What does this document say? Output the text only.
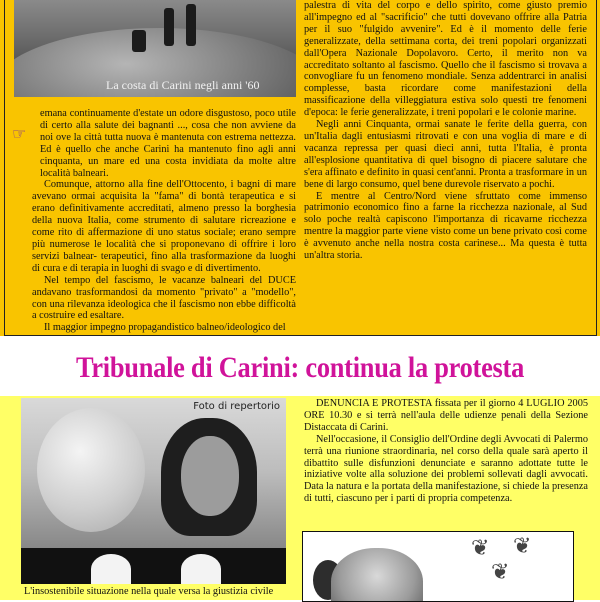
La costa di Carini negli anni '60
☞

emana continuamente d'estate un odore disgustoso, poco utile di certo alla salute dei bagnanti ..., cosa che non avviene da noi ove la città tutta nuova è mantenuta con estrema nettezza. Ed è quello che anche Carini ha mantenuto fino agli anni cinquanta, un mare ed una costa invidiata da molte altre località balneari.

Comunque, attorno alla fine dell'Ottocento, i bagni di mare avevano ormai acquisita la "fama" di bontà terapeutica e si erano definitivamente accreditati, almeno presso la borghesia della nuova Italia, come strumento di salutare ricreazione e come rito di affermazione di uno status sociale; erano sempre più numerose le località che si proponevano di offrire i loro servizi balnear- terapeutici, fino alla trasformazione da luoghi di cura e di terapia in luoghi di svago e di divertimento.

Nel tempo del fascismo, le vacanze balneari del DUCE andavano trasformandosi da momento "privato" a "modello", con una rilevanza ideologica che il fascismo non ebbe difficoltà a costruire ed esaltare.

Il maggior impegno propagandistico balneo/ideologico del

palestra di vita del corpo e dello spirito, come giusto premio all'impegno ed al "sacrificio" che tutti dovevano offrire alla Patria per il suo "fulgido avvenire". Ed è il momento delle ferie generalizzate, della settimana corta, dei treni popolari organizzati dall'Opera Nazionale Dopolavoro. Certo, il merito non va accreditato soltanto al fascismo. Quello che il fascismo si trovava a convogliare fu un fenomeno mondiale. Senza addentrarci in analisi complesse, basta ricordare come manifestazioni della massificazione della villeggiatura estiva solo questi tre fenomeni d'epoca: le ferie generalizzate, i treni popolari e le colonie marine.

Negli anni Cinquanta, ormai sanate le ferite della guerra, con un'Italia dagli entusiasmi ritrovati e con una voglia di mare e di vacanza repressa per quasi dieci anni, tutta l'Italia, è pronta all'esplosione quantitativa di quel bisogno di piacere salutare che s'era affinato e definito in quasi cent'anni. Pronta a trasformare in un bene di largo consumo, quel bene durevole riservato a pochi.

E mentre al Centro/Nord viene sfruttato come immenso patrimonio economico fino a farne la ricchezza nazionale, al Sud solo poche realtà capiscono l'importanza di ricavarne ricchezza mentre la maggior parte viene visto come un bene privato così come è avvenuto anche nella nostra costa carinese... Ma questa è tutta un'altra storia.

Tribunale di Carini: continua la protesta
Foto di repertorio	DENUNCIA E PROTESTA fissata per il giorno 4 LUGLIO 2005 ORE 10.30 e si terrà nell'aula delle udienze penali della Sezione Distaccata di Carini.

Nell'occasione, il Consiglio dell'Ordine degli Avvocati di Palermo terrà una riunione straordinaria, nel corso della quale sarà aperto il dibattito sulle disfunzioni denunciate e saranno adottate tutte le iniziative volte alla soluzione dei problemi sollevati dagli avvocati. Data la natura e la portata della manifestazione, si chiede la presenza di tutti, ciascuno per i parti di propria competenza.

❦ ❦
❦

L'insostenibile situazione nella quale versa la giustizia civile
